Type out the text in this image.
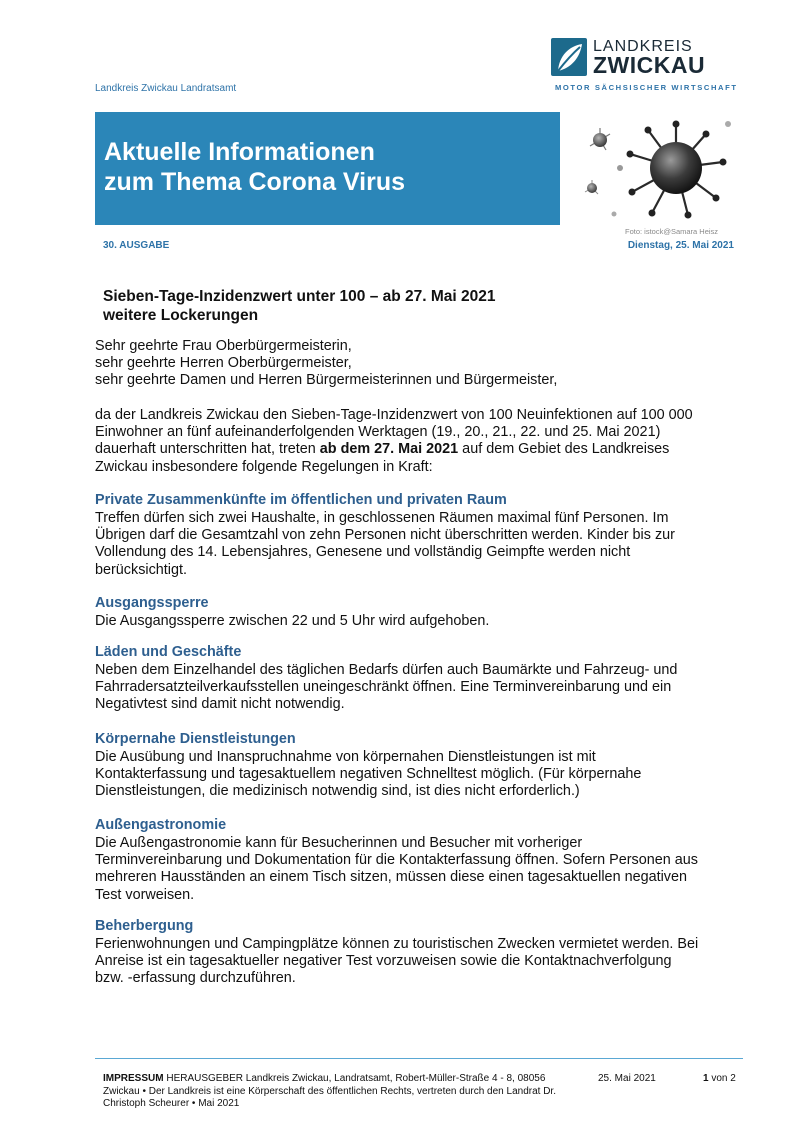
Landkreis Zwickau Landratsamt
LANDKREIS
ZWICKAU
MOTOR SÄCHSISCHER WIRTSCHAFT
Aktuelle Informationen
zum Thema Corona Virus
Foto: istock@Samara Heisz
30. AUSGABE	Dienstag, 25. Mai 2021
Sieben-Tage-Inzidenzwert unter 100 – ab 27. Mai 2021
weitere Lockerungen
Sehr geehrte Frau Oberbürgermeisterin,
sehr geehrte Herren Oberbürgermeister,
sehr geehrte Damen und Herren Bürgermeisterinnen und Bürgermeister,
da der Landkreis Zwickau den Sieben-Tage-Inzidenzwert von 100 Neuinfektionen auf 100 000
Einwohner an fünf aufeinanderfolgenden Werktagen (19., 20., 21., 22. und 25. Mai 2021)
dauerhaft unterschritten hat, treten ab dem 27. Mai 2021 auf dem Gebiet des Landkreises
Zwickau insbesondere folgende Regelungen in Kraft:
Private Zusammenkünfte im öffentlichen und privaten Raum
Treffen dürfen sich zwei Haushalte, in geschlossenen Räumen maximal fünf Personen. Im
Übrigen darf die Gesamtzahl von zehn Personen nicht überschritten werden. Kinder bis zur
Vollendung des 14. Lebensjahres, Genesene und vollständig Geimpfte werden nicht
berücksichtigt.
Ausgangssperre
Die Ausgangssperre zwischen 22 und 5 Uhr wird aufgehoben.
Läden und Geschäfte
Neben dem Einzelhandel des täglichen Bedarfs dürfen auch Baumärkte und Fahrzeug- und
Fahrradersatzteilverkaufsstellen uneingeschränkt öffnen. Eine Terminvereinbarung und ein
Negativtest sind damit nicht notwendig.
Körpernahe Dienstleistungen
Die Ausübung und Inanspruchnahme von körpernahen Dienstleistungen ist mit
Kontakterfassung und tagesaktuellem negativen Schnelltest möglich. (Für körpernahe
Dienstleistungen, die medizinisch notwendig sind, ist dies nicht erforderlich.)
Außengastronomie
Die Außengastronomie kann für Besucherinnen und Besucher mit vorheriger
Terminvereinbarung und Dokumentation für die Kontakterfassung öffnen. Sofern Personen aus
mehreren Hausständen an einem Tisch sitzen, müssen diese einen tagesaktuellen negativen
Test vorweisen.
Beherbergung
Ferienwohnungen und Campingplätze können zu touristischen Zwecken vermietet werden. Bei
Anreise ist ein tagesaktueller negativer Test vorzuweisen sowie die Kontaktnachverfolgung
bzw. -erfassung durchzuführen.
IMPRESSUM HERAUSGEBER Landkreis Zwickau, Landratsamt, Robert-Müller-Straße 4 - 8, 08056 Zwickau • Der Landkreis ist eine Körperschaft des öffentlichen Rechts, vertreten durch den Landrat Dr. Christoph Scheurer • Mai 2021
25. Mai 2021	1 von 2
